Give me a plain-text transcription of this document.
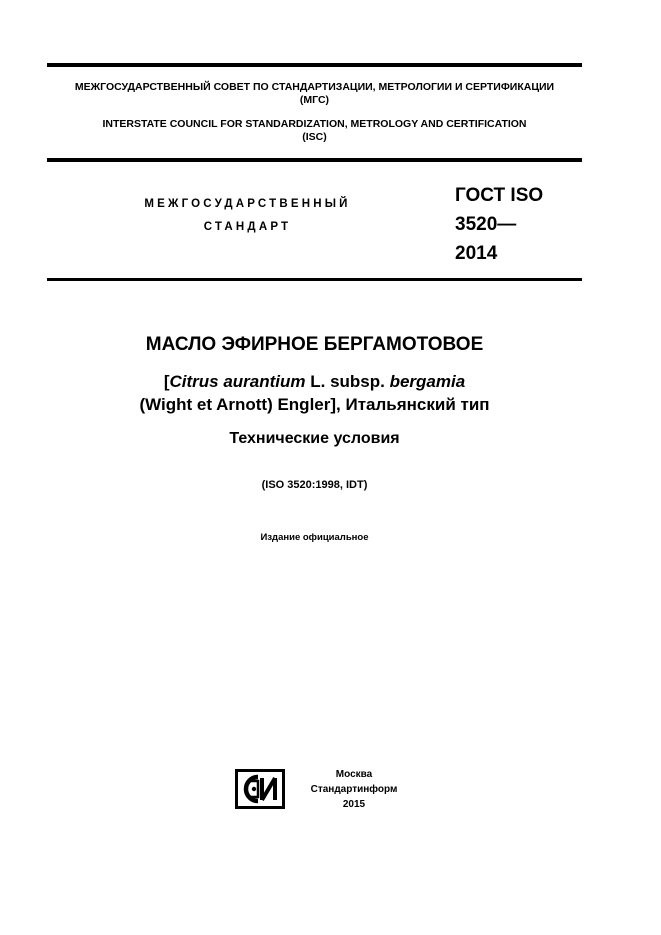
МЕЖГОСУДАРСТВЕННЫЙ СОВЕТ ПО СТАНДАРТИЗАЦИИ, МЕТРОЛОГИИ И СЕРТИФИКАЦИИ
(МГС)
INTERSTATE COUNCIL FOR STANDARDIZATION, METROLOGY AND CERTIFICATION
(ISC)
МЕЖГОСУДАРСТВЕННЫЙ
СТАНДАРТ
ГОСТ ISO
3520—
2014
МАСЛО ЭФИРНОЕ БЕРГАМОТОВОЕ
[Citrus aurantium L. subsp. bergamia
(Wight et Arnott) Engler], Итальянский тип
Технические условия
(ISO 3520:1998, IDT)
Издание официальное
Москва
Стандартинформ
2015
